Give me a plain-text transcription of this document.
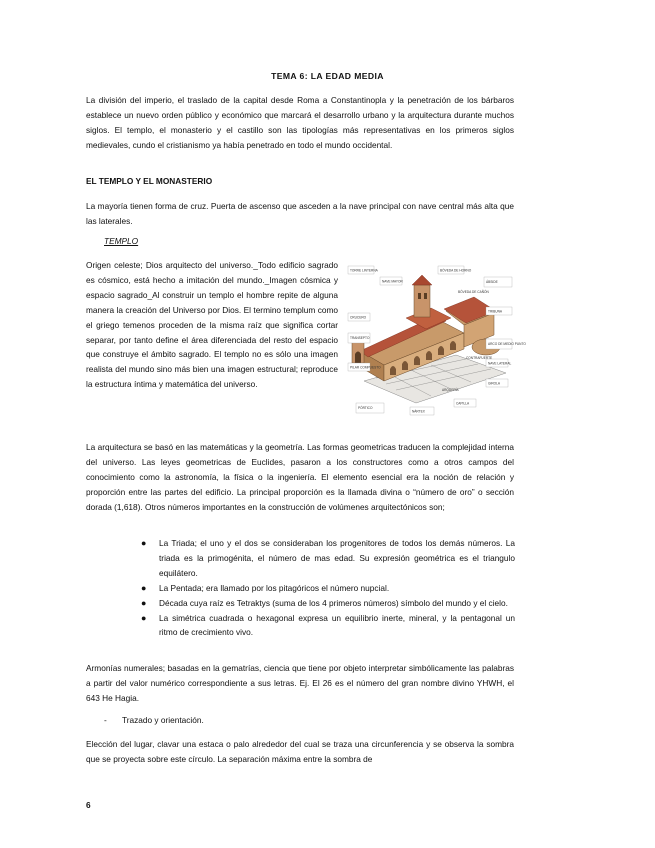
TEMA 6: LA EDAD MEDIA

La división del imperio, el traslado de la capital desde Roma a Constantinopla y la penetración de los bárbaros establece un nuevo orden público y económico que marcará el desarrollo urbano y la arquitectura durante muchos siglos. El templo, el monasterio y el castillo son las tipologías más representativas en los primeros siglos medievales, cundo el cristianismo ya había penetrado en todo el mundo occidental.

EL TEMPLO Y EL MONASTERIO

La mayoría tienen forma de cruz. Puerta de ascenso que asceden a la nave principal con nave central más alta que las laterales.

TEMPLO

Origen celeste; Dios arquitecto del universo._Todo edificio sagrado es cósmico, está hecho a imitación del mundo._Imagen cósmica y espacio sagrado_Al construir un templo el hombre repite de alguna manera la creación del Universo por Dios. El termino templum como el griego temenos proceden de la misma raíz que significa cortar separar, por tanto define el área diferenciada del resto del espacio que construye el ámbito sagrado. El templo no es sólo una imagen realista del mundo sino más bien una imagen estructural; reproduce la estructura íntima y matemática del universo.

TORRE LINTERNA
NAVE MAYOR
BÓVEDA DE HORNO
ÁBSIDE
TRIBUNA
ARCO DE MEDIO PUNTO
NAVE LATERAL
GIROLA
CRUCERO
TRANSEPTO
PILAR COMPUESTO
PÓRTICO
NÁRTEX
CAPILLA
BÓVEDA DE CAÑÓN
CONTRAFUERTE
ARQUERÍA

La arquitectura se basó en las matemáticas y la geometría. Las formas geometricas traducen la complejidad interna del universo. Las leyes geometricas de Euclides, pasaron a los constructores como a otros campos del conocimiento como la astronomía, la física o la ingeniería. El elemento esencial era la noción de relación y proporción entre las partes del edificio. La principal proporción es la llamada divina o “número de oro” o sección dorada (1,618). Otros números importantes en la construcción de volúmenes arquitectónicos son;

● La Triada; el uno y el dos se consideraban los progenitores de todos los demás números. La triada es la primogénita, el número de mas edad. Su expresión geométrica es el triangulo equilátero.
● La Pentada; era llamado por los pitagóricos el número nupcial.
● Década cuya raíz es Tetraktys (suma de los 4 primeros números) símbolo del mundo y el cielo.
● La simétrica cuadrada o hexagonal expresa un equilibrio inerte, mineral, y la pentagonal un ritmo de crecimiento vivo.

Armonías numerales; basadas en la gematrías, ciencia que tiene por objeto interpretar simbólicamente las palabras a partir del valor numérico correspondiente a sus letras. Ej. El 26 es el número del gran nombre divino YHWH, el 643 He Hagia.

- Trazado y orientación.

Elección del lugar, clavar una estaca o palo alrededor del cual se traza una circunferencia y se observa la sombra que se proyecta sobre este círculo. La separación máxima entre la sombra de

6
